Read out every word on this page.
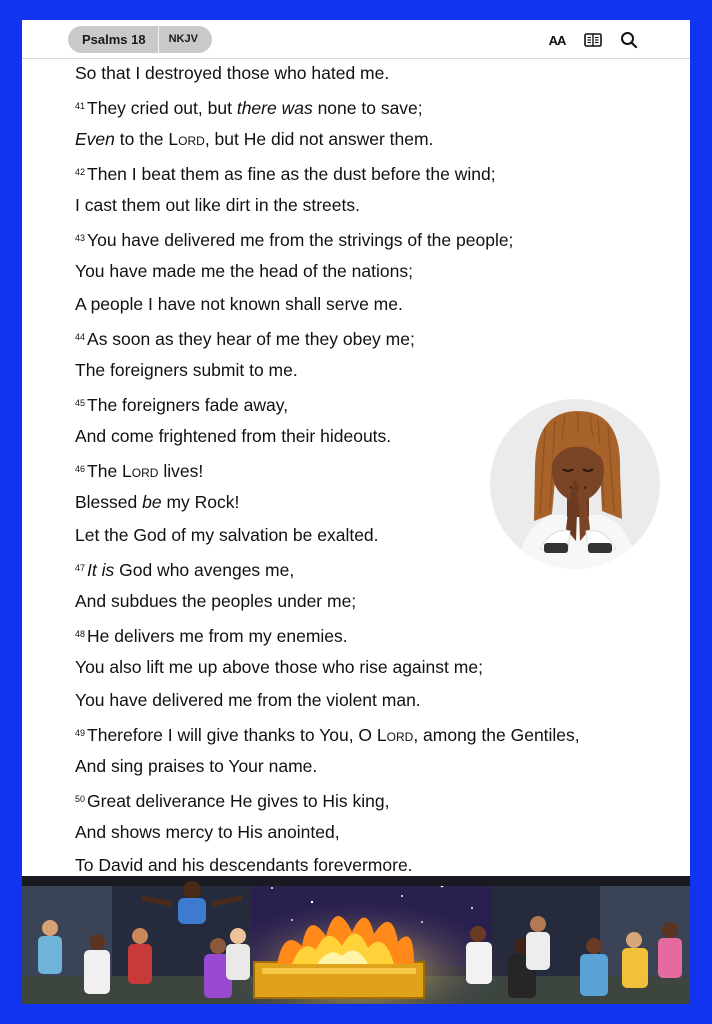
Psalms 18	NKJV	AA
So that I destroyed those who hated me.
$^{41}$ They cried out, but there was none to save;
Even to the Lord, but He did not answer them.
$^{42}$ Then I beat them as fine as the dust before the wind;
I cast them out like dirt in the streets.
$^{43}$ You have delivered me from the strivings of the people;
You have made me the head of the nations;
A people I have not known shall serve me.
$^{44}$ As soon as they hear of me they obey me;
The foreigners submit to me.
$^{45}$ The foreigners fade away,
And come frightened from their hideouts.
$^{46}$ The Lord lives!
Blessed be my Rock!
Let the God of my salvation be exalted.
$^{47}$ It is God who avenges me,
And subdues the peoples under me;
$^{48}$ He delivers me from my enemies.
You also lift me up above those who rise against me;
You have delivered me from the violent man.
$^{49}$ Therefore I will give thanks to You, O Lord, among the Gentiles,
And sing praises to Your name.
$^{50}$ Great deliverance He gives to His king,
And shows mercy to His anointed,
To David and his descendants forevermore.
